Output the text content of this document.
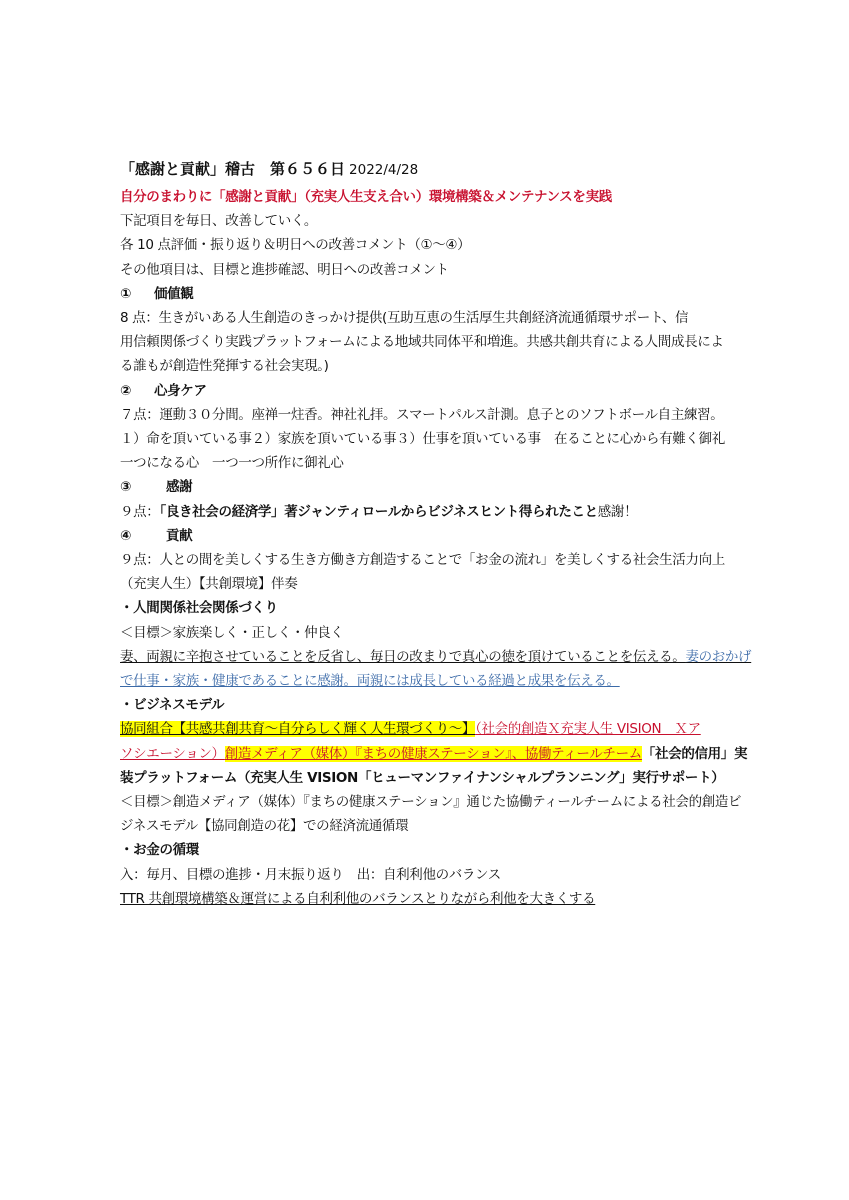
「感謝と貢献」稽古　第６５６日 2022/4/28
自分のまわりに「感謝と貢献」（充実人生支え合い）環境構築＆メンテナンスを実践
下記項目を毎日、改善していく。
各 10 点評価・振り返り＆明日への改善コメント（①～④）
その他項目は、目標と進捗確認、明日への改善コメント
① 価値観
8 点：生きがいある人生創造のきっかけ提供(互助互恵の生活厚生共創経済流通循環サポート、信
用信頼関係づくり実践プラットフォームによる地域共同体平和増進。共感共創共育による人間成長によ
る誰もが創造性発揮する社会実現。)
② 心身ケア
７点：運動３０分間。座禅一炷香。神社礼拝。スマートパルス計測。息子とのソフトボール自主練習。
１）命を頂いている事２）家族を頂いている事３）仕事を頂いている事　在ることに心から有難く御礼
一つになる心　一つ一つ所作に御礼心
③	感謝
９点：「良き社会の経済学」著ジャンティロールからビジネスヒント得られたこと感謝！
④	貢献
９点：人との間を美しくする生き方働き方創造することで「お金の流れ」を美しくする社会生活力向上
（充実人生）【共創環境】伴奏
・人間関係社会関係づくり
＜目標＞家族楽しく・正しく・仲良く
妻、両親に辛抱させていることを反省し、毎日の改まりで真心の徳を頂けていることを伝える。妻のおかげ
で仕事・家族・健康であることに感謝。両親には成長している経過と成果を伝える。
・ビジネスモデル
協同組合【共感共創共育～自分らしく輝く人生環づくり～】（社会的創造Ｘ充実人生 VISION　Ｘア
ソシエーション）創造メディア（媒体）『まちの健康ステーション』、協働ティールチーム「社会的信用」実
装プラットフォーム（充実人生 VISION「ヒューマンファイナンシャルプランニング」実行サポート）
＜目標＞創造メディア（媒体）『まちの健康ステーション』通じた協働ティールチームによる社会的創造ビ
ジネスモデル【協同創造の花】での経済流通循環
・お金の循環
入：毎月、目標の進捗・月末振り返り　出：自利利他のバランス
TTR 共創環境構築＆運営による自利利他のバランスとりながら利他を大きくする
